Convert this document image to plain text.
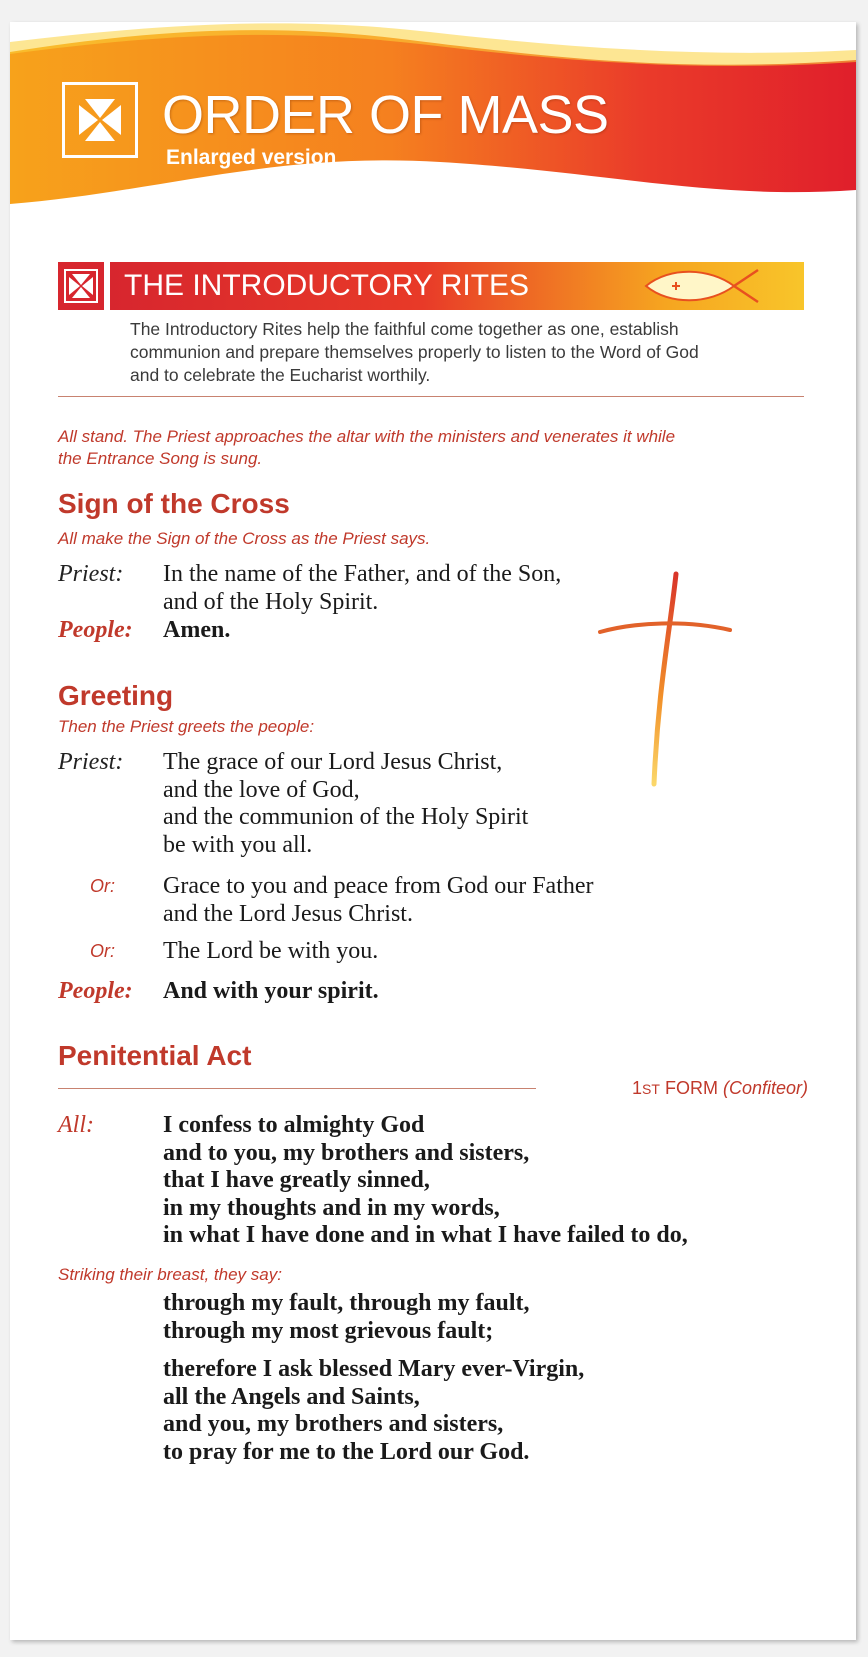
ORDER OF MASS
Enlarged version
THE INTRODUCTORY RITES
The Introductory Rites help the faithful come together as one, establish
communion and prepare themselves properly to listen to the Word of God
and to celebrate the Eucharist worthily.
All stand. The Priest approaches the altar with the ministers and venerates it while
the Entrance Song is sung.
Sign of the Cross
All make the Sign of the Cross as the Priest says.
Priest: In the name of the Father, and of the Son,
and of the Holy Spirit.
People: Amen.
Greeting
Then the Priest greets the people:
Priest: The grace of our Lord Jesus Christ,
and the love of God,
and the communion of the Holy Spirit
be with you all.
Or: Grace to you and peace from God our Father
and the Lord Jesus Christ.
Or: The Lord be with you.
People: And with your spirit.
Penitential Act
1ST FORM (Confiteor)
All:	I confess to almighty God
and to you, my brothers and sisters,
that I have greatly sinned,
in my thoughts and in my words,
in what I have done and in what I have failed to do,
Striking their breast, they say:
through my fault, through my fault,
through my most grievous fault;
therefore I ask blessed Mary ever-Virgin,
all the Angels and Saints,
and you, my brothers and sisters,
to pray for me to the Lord our God.
